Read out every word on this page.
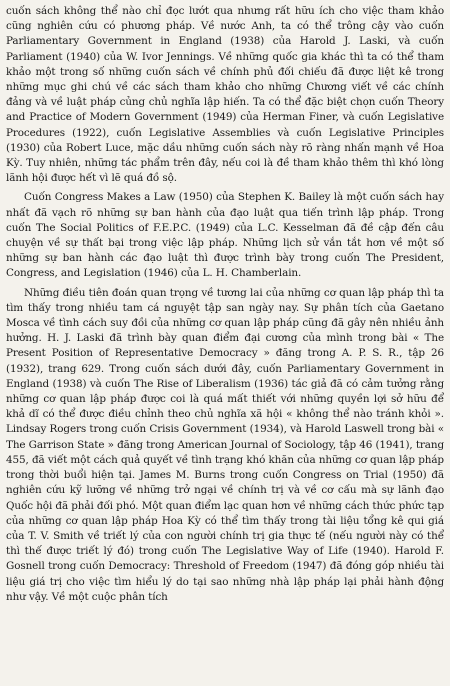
cuốn sách không thể nào chỉ đọc lướt qua nhưng rất hữu ích cho việc tham khảo cũng nghiên cứu có phương pháp. Về nước Anh, ta có thể trông cậy vào cuốn Parliamentary Government in England (1938) của Harold J. Laski, và cuốn Parliament (1940) của W. Ivor Jennings. Về những quốc gia khác thì ta có thể tham khảo một trong số những cuốn sách về chính phủ đối chiếu đã được liệt kê trong những mục ghi chú về các sách tham khảo cho những Chương viết về các chính đảng và về luật pháp củng chủ nghĩa lập hiến. Ta có thể đặc biệt chọn cuốn Theory and Practice of Modern Government (1949) của Herman Finer, và cuốn Legislative Procedures (1922), cuốn Legislative Assemblies và cuốn Legislative Principles (1930) của Robert Luce, mặc dầu những cuốn sách này rõ ràng nhấn mạnh về Hoa Kỳ. Tuy nhiên, những tác phẩm trên đây, nếu coi là đề tham khảo thêm thì khó lòng lãnh hội được hết vì lẽ quá đồ sộ.

Cuốn Congress Makes a Law (1950) của Stephen K. Bailey là một cuốn sách hay nhất đã vạch rõ những sự ban hành của đạo luật qua tiến trình lập pháp. Trong cuốn The Social Politics of F.E.P.C. (1949) của L.C. Kesselman đã đề cập đến câu chuyện về sự thất bại trong việc lập pháp. Những lịch sử vắn tắt hơn về một số những sự ban hành các đạo luật thì được trình bày trong cuốn The President, Congress, and Legislation (1946) của L. H. Chamberlain.

Những điều tiên đoán quan trọng về tương lai của những cơ quan lập pháp thì ta tìm thấy trong nhiều tam cá nguyệt tập san ngày nay. Sự phân tích của Gaetano Mosca về tình cách suy đồi của những cơ quan lập pháp cũng đã gây nên nhiều ảnh hưởng. H. J. Laski đã trình bày quan điểm đại cương của mình trong bài « The Present Position of Representative Democracy » đăng trong A. P. S. R., tập 26 (1932), trang 629. Trong cuốn sách dưới đây, cuốn Parliamentary Government in England (1938) và cuốn The Rise of Liberalism (1936) tác giả đã có cảm tưởng rằng những cơ quan lập pháp được coi là quá mất thiết với những quyền lợi sở hữu để khả dĩ có thể được điều chỉnh theo chủ nghĩa xã hội « không thể nào tránh khỏi ». Lindsay Rogers trong cuốn Crisis Government (1934), và Harold Laswell trong bài « The Garrison State » đăng trong American Journal of Sociology, tập 46 (1941), trang 455, đã viết một cách quả quyết về tình trạng khó khăn của những cơ quan lập pháp trong thời buổi hiện tại. James M. Burns trong cuốn Congress on Trial (1950) đã nghiên cứu kỹ lưỡng về những trở ngại về chính trị và về cơ cấu mà sự lãnh đạo Quốc hội đã phải đối phó. Một quan điểm lạc quan hơn về những cách thức phức tạp của những cơ quan lập pháp Hoa Kỳ có thể tìm thấy trong tài liệu tổng kê qui giá của T. V. Smith về triết lý của con người chính trị gia thực tế (nếu người này có thể thì thế được triết lý đó) trong cuốn The Legislative Way of Life (1940). Harold F. Gosnell trong cuốn Democracy: Threshold of Freedom (1947) đã đóng góp nhiều tài liệu giá trị cho việc tìm hiểu lý do tại sao những nhà lập pháp lại phải hành động như vậy. Về một cuộc phân tích
